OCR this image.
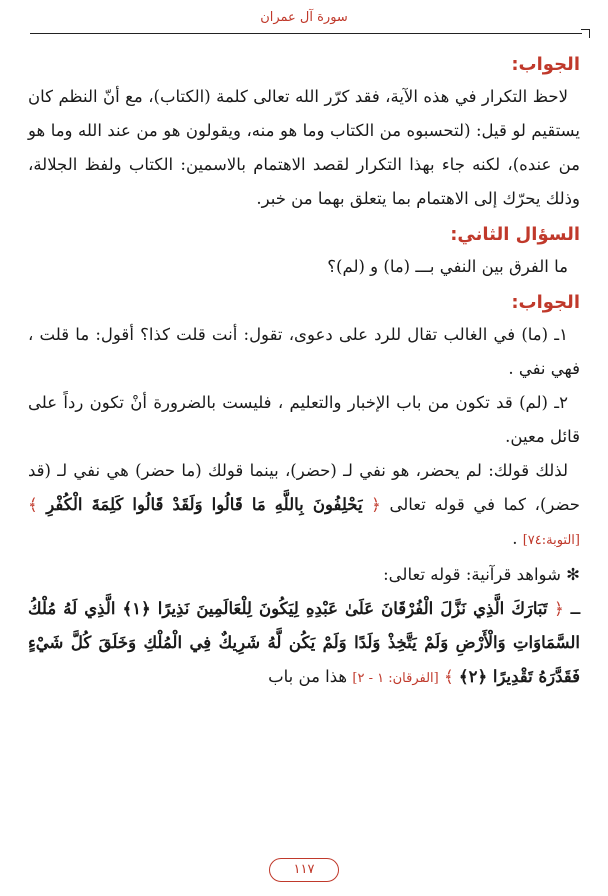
سورة آل عمران
الجواب:

لاحظ التكرار في هذه الآية، فقد كرّر الله تعالى كلمة (الكتاب)، مع أنّ النظم كان يستقيم لو قيل: (لتحسبوه من الكتاب وما هو منه، ويقولون هو من عند الله وما هو من عنده)، لكنه جاء بهذا التكرار لقصد الاهتمام بالاسمين: الكتاب ولفظ الجلالة، وذلك يحرّك إلى الاهتمام بما يتعلق بهما من خبر.

السؤال الثاني:

ما الفرق بين النفي بـــ (ما) و (لم)؟

الجواب:

١ـ (ما) في الغالب تقال للرد على دعوى، تقول: أنت قلت كذا؟ أقول: ما قلت ، فهي نفي .

٢ـ (لم) قد تكون من باب الإخبار والتعليم ، فليست بالضرورة أنْ تكون رداً على قائل معين.

لذلك قولك: لم يحضر، هو نفي لـ (حضر)، بينما قولك (ما حضر) هي نفي لـ (قد حضر)، كما في قوله تعالى ﴿ يَحْلِفُونَ بِاللَّهِ مَا قَالُوا وَلَقَدْ قَالُوا كَلِمَةَ الْكُفْرِ ﴾ [التوبة:٧٤] .

✻ شواهد قرآنية: قوله تعالى:

ـ ﴿ تَبَارَكَ الَّذِي نَزَّلَ الْفُرْقَانَ عَلَىٰ عَبْدِهِ لِيَكُونَ لِلْعَالَمِينَ نَذِيرًا ﴿١﴾ الَّذِي لَهُ مُلْكُ السَّمَاوَاتِ وَالْأَرْضِ وَلَمْ يَتَّخِذْ وَلَدًا وَلَمْ يَكُن لَّهُ شَرِيكٌ فِي الْمُلْكِ وَخَلَقَ كُلَّ شَيْءٍ فَقَدَّرَهُ تَقْدِيرًا ﴿٢﴾ ﴾ [الفرقان: ١ - ٢] هذا من باب

١١٧
